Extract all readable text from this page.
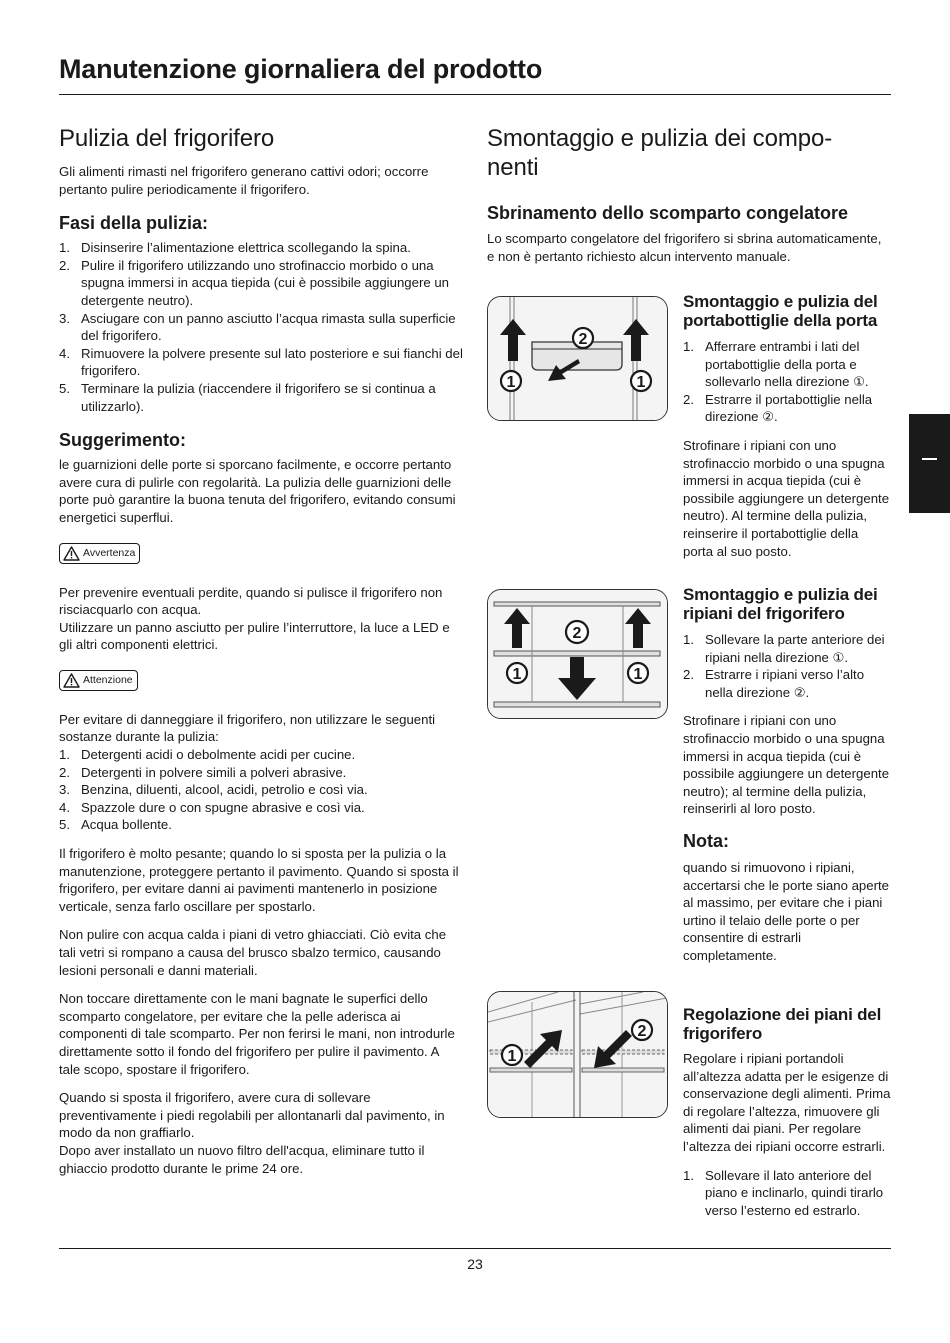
Manutenzione giornaliera del prodotto
Pulizia del frigorifero

Gli alimenti rimasti nel frigorifero generano cattivi odori; occorre pertanto pulire periodicamente il frigorifero.

Fasi della pulizia:
1. Disinserire l’alimentazione elettrica scollegando la spina.
2. Pulire il frigorifero utilizzando uno strofinaccio morbido o una spugna immersi in acqua tiepida (cui è possibile aggiungere un detergente neutro).
3. Asciugare con un panno asciutto l’acqua rimasta sulla superficie del frigorifero.
4. Rimuovere la polvere presente sul lato posteriore e sui fianchi del frigorifero.
5. Terminare la pulizia (riaccendere il frigorifero se si continua a utilizzarlo).
Suggerimento:

le guarnizioni delle porte si sporcano facilmente, e occorre pertanto avere cura di pulirle con regolarità. La pulizia delle guarnizioni delle porte può garantire la buona tenuta del frigorifero, evitando consumi energetici superflui.

Avvertenza

Per prevenire eventuali perdite, quando si pulisce il frigorifero non risciacquarlo con acqua.

Utilizzare un panno asciutto per pulire l’interruttore, la luce a LED e gli altri componenti elettrici.

Attenzione

Per evitare di danneggiare il frigorifero, non utilizzare le seguenti sostanze durante la pulizia:

1. Detergenti acidi o debolmente acidi per cucine.
2. Detergenti in polvere simili a polveri abrasive.
3. Benzina, diluenti, alcool, acidi, petrolio e così via.
4. Spazzole dure o con spugne abrasive e così via.
5. Acqua bollente.

Il frigorifero è molto pesante; quando lo si sposta per la pulizia o la manutenzione, proteggere pertanto il pavimento. Quando si sposta il frigorifero, per evitare danni ai pavimenti mantenerlo in posizione verticale, senza farlo oscillare per spostarlo.

Non pulire con acqua calda i piani di vetro ghiacciati. Ciò evita che tali vetri si rompano a causa del brusco sbalzo termico, causando lesioni personali e danni materiali.

Non toccare direttamente con le mani bagnate le superfici dello scomparto congelatore, per evitare che la pelle aderisca ai componenti di tale scomparto. Per non ferirsi le mani, non introdurle direttamente sotto il fondo del frigorifero per pulire il pavimento. A tale scopo, spostare il frigorifero.

Quando si sposta il frigorifero, avere cura di sollevare preventivamente i piedi regolabili per allontanarli dal pavimento, in modo da non graffiarlo.

Dopo aver installato un nuovo filtro dell'acqua, eliminare tutto il ghiaccio prodotto durante le prime 24 ore.

Smontaggio e pulizia dei compo-
nenti
Sbrinamento dello scomparto congelatore

Lo scomparto congelatore del frigorifero si sbrina automaticamente, e non è pertanto richiesto alcun intervento manuale.

1	1
2
Smontaggio e pulizia del portabottiglie della porta
1. Afferrare entrambi i lati del portabottiglie della porta e sollevarlo nella direzione ①.
2. Estrarre il portabottiglie nella direzione ②.

Strofinare i ripiani con uno strofinaccio morbido o una spugna immersi in acqua tiepida (cui è possibile aggiungere un detergente neutro). Al termine della pulizia, reinserire il portabottiglie della porta al suo posto.

1	1
2
Smontaggio e pulizia dei ripiani del frigorifero
1. Sollevare la parte anteriore dei ripiani nella direzione ①.
2. Estrarre i ripiani verso l’alto nella direzione ②.

Strofinare i ripiani con uno strofinaccio morbido o una spugna immersi in acqua tiepida (cui è possibile aggiungere un detergente neutro); al termine della pulizia, reinserirli al loro posto.

Nota:

quando si rimuovono i ripiani, accertarsi che le porte siano aperte al massimo, per evitare che i piani urtino il telaio delle porte o per consentire di estrarli completamente.

1
2
Regolazione dei piani del frigorifero

Regolare i ripiani portandoli all’altezza adatta per le esigenze di conservazione degli alimenti. Prima di regolare l’altezza, rimuovere gli alimenti dai piani. Per regolare l’altezza dei ripiani occorre estrarli.

1. Sollevare il lato anteriore del piano e inclinarlo, quindi tirarlo verso l’esterno ed estrarlo.
23
